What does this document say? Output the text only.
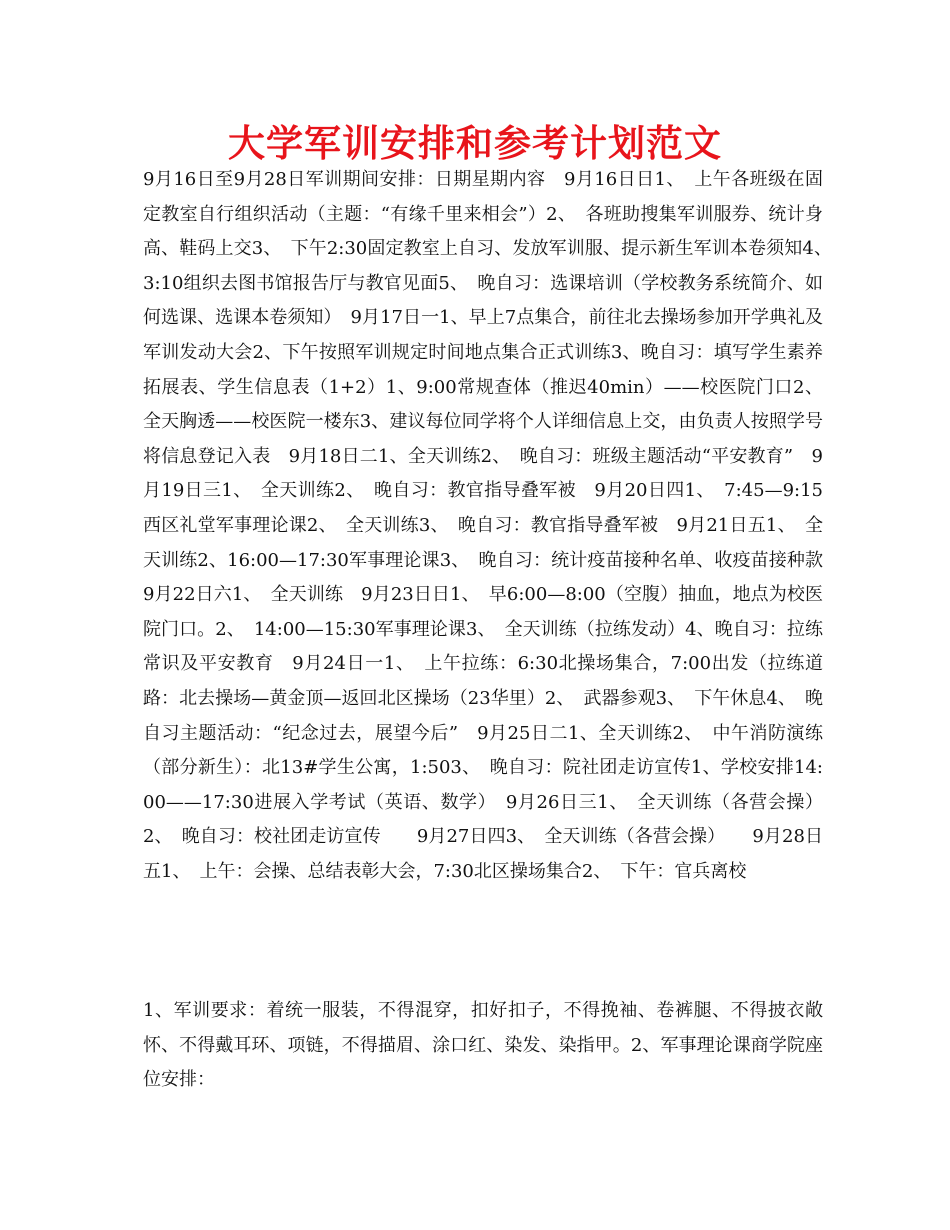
大学军训安排和参考计划范文

9月16日至9月28日军训期间安排：日期星期内容　9月16日日1、　上午各班级在固定教室自行组织活动（主题：“有缘千里来相会”）2、　各班助搜集军训服券、统计身高、鞋码上交3、　下午2:30固定教室上自习、发放军训服、提示新生军训本卷须知4、　3:10组织去图书馆报告厅与教官见面5、　晚自习：选课培训（学校教务系统简介、如何选课、选课本卷须知）　9月17日一1、早上7点集合，前往北去操场参加开学典礼及军训发动大会2、下午按照军训规定时间地点集合正式训练3、晚自习：填写学生素养拓展表、学生信息表（1+2）1、9:00常规查体（推迟40min）——校医院门口2、全天胸透——校医院一楼东3、建议每位同学将个人详细信息上交，由负责人按照学号将信息登记入表　9月18日二1、全天训练2、　晚自习：班级主题活动“平安教育”　9月19日三1、　全天训练2、　晚自习：教官指导叠军被　9月20日四1、　7:45—9:15西区礼堂军事理论课2、　全天训练3、　晚自习：教官指导叠军被　9月21日五1、　全天训练2、16:00—17:30军事理论课3、　晚自习：统计疫苗接种名单、收疫苗接种款　9月22日六1、　全天训练　9月23日日1、　早6:00—8:00（空腹）抽血，地点为校医院门口。2、　14:00—15:30军事理论课3、　全天训练（拉练发动）4、晚自习：拉练常识及平安教育　9月24日一1、　上午拉练：6:30北操场集合，7:00出发（拉练道路：北去操场—黄金顶—返回北区操场（23华里）2、　武器参观3、　下午休息4、　晚自习主题活动：“纪念过去，展望今后”　9月25日二1、全天训练2、　中午消防演练（部分新生）：北13#学生公寓，1:503、　晚自习：院社团走访宣传1、学校安排14:00——17:30进展入学考试（英语、数学）　9月26日三1、　全天训练（各营会操）2、　晚自习：校社团走访宣传　　9月27日四3、　全天训练（各营会操）　　9月28日五1、　上午：会操、总结表彰大会，7:30北区操场集合2、　下午：官兵离校

1、军训要求：着统一服装，不得混穿，扣好扣子，不得挽袖、卷裤腿、不得披衣敞怀、不得戴耳环、项链，不得描眉、涂口红、染发、染指甲。2、军事理论课商学院座位安排：
